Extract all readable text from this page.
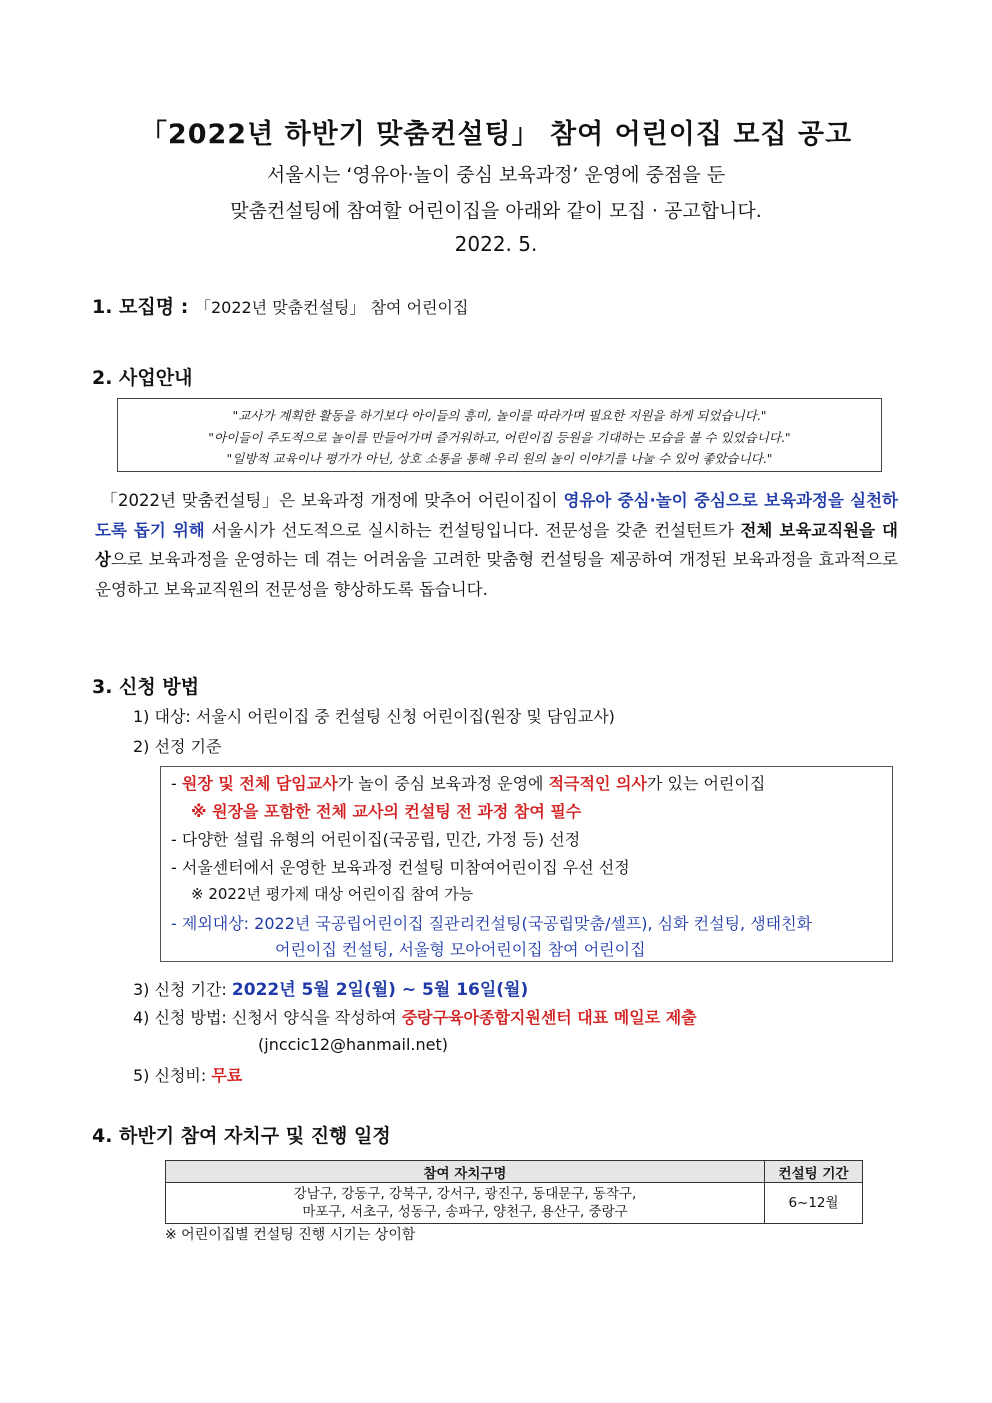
「2022년 하반기 맞춤컨설팅」 참여 어린이집 모집 공고
서울시는 ‘영유아·놀이 중심 보육과정’ 운영에 중점을 둔
맞춤컨설팅에 참여할 어린이집을 아래와 같이 모집 · 공고합니다.
2022. 5.
1. 모집명 : 「2022년 맞춤컨설팅」 참여 어린이집
2. 사업안내
"교사가 계획한 활동을 하기보다 아이들의 흥미, 놀이를 따라가며 필요한 지원을 하게 되었습니다."
"아이들이 주도적으로 놀이를 만들어가며 즐거워하고, 어린이집 등원을 기대하는 모습을 볼 수 있었습니다."
"일방적 교육이나 평가가 아닌, 상호 소통을 통해 우리 원의 놀이 이야기를 나눌 수 있어 좋았습니다."
「2022년 맞춤컨설팅」은 보육과정 개정에 맞추어 어린이집이 영유아 중심·놀이 중심으로 보육과정을 실천하도록 돕기 위해 서울시가 선도적으로 실시하는 컨설팅입니다. 전문성을 갖춘 컨설턴트가 전체 보육교직원을 대상으로 보육과정을 운영하는 데 겪는 어려움을 고려한 맞춤형 컨설팅을 제공하여 개정된 보육과정을 효과적으로 운영하고 보육교직원의 전문성을 향상하도록 돕습니다.
3. 신청 방법
1) 대상: 서울시 어린이집 중 컨설팅 신청 어린이집(원장 및 담임교사)
2) 선정 기준
- 원장 및 전체 담임교사가 놀이 중심 보육과정 운영에 적극적인 의사가 있는 어린이집
※ 원장을 포함한 전체 교사의 컨설팅 전 과정 참여 필수
- 다양한 설립 유형의 어린이집(국공립, 민간, 가정 등) 선정
- 서울센터에서 운영한 보육과정 컨설팅 미참여어린이집 우선 선정
※ 2022년 평가제 대상 어린이집 참여 가능
- 제외대상: 2022년 국공립어린이집 질관리컨설팅(국공립맞춤/셀프), 심화 컨설팅, 생태친화
어린이집 컨설팅, 서울형 모아어린이집 참여 어린이집
3) 신청 기간: 2022년 5월 2일(월) ~ 5월 16일(월)
4) 신청 방법: 신청서 양식을 작성하여 중랑구육아종합지원센터 대표 메일로 제출
(jnccic12@hanmail.net)
5) 신청비: 무료
4. 하반기 참여 자치구 및 진행 일정
참여 자치구명	컨설팅 기간

강남구, 강동구, 강북구, 강서구, 광진구, 동대문구, 동작구,
마포구, 서초구, 성동구, 송파구, 양천구, 용산구, 중랑구	6~12월
※ 어린이집별 컨설팅 진행 시기는 상이함
